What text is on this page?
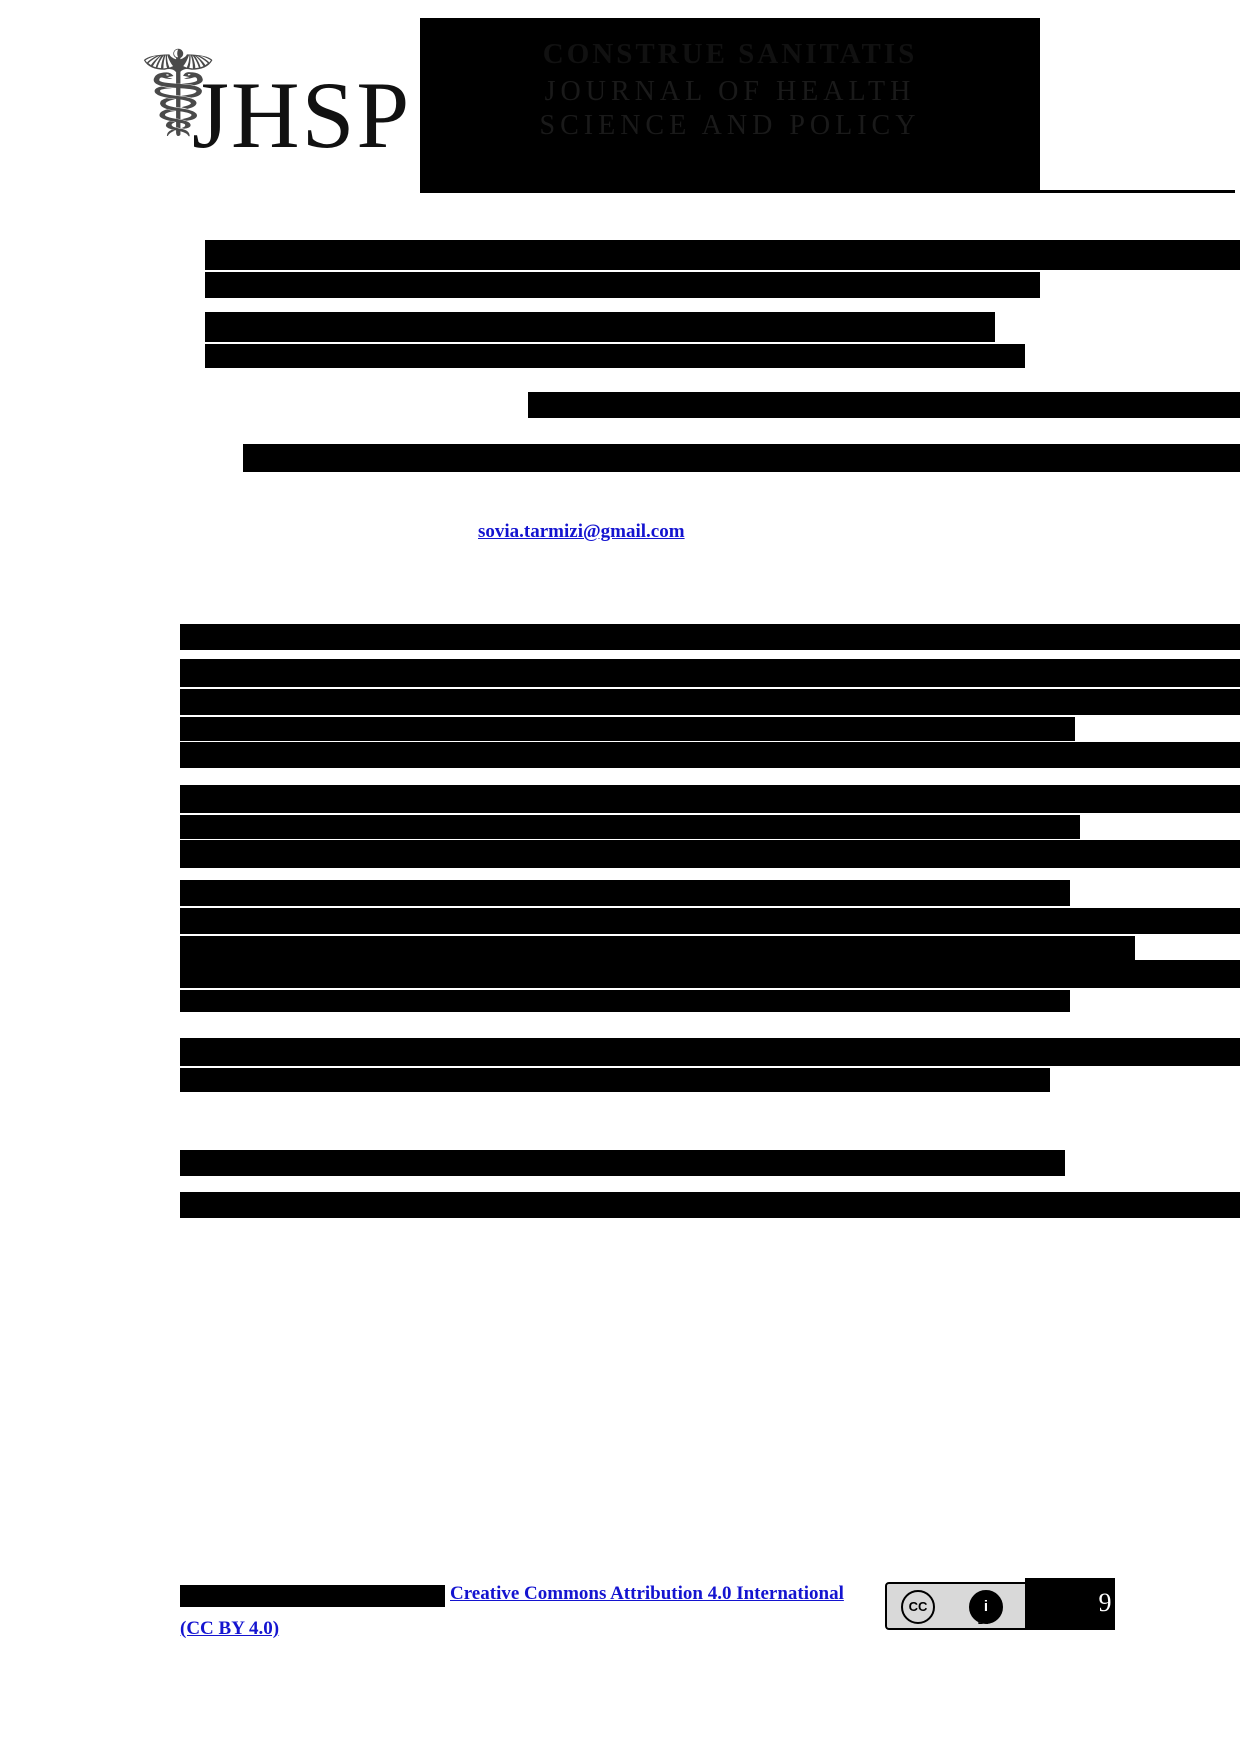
☤
JHSP
CONSTRUE SANITATIS
JOURNAL OF HEALTH
SCIENCE AND POLICY
sovia.tarmizi@gmail.com
Creative Commons Attribution 4.0 International
(CC BY 4.0)
CC	i
BY
9
